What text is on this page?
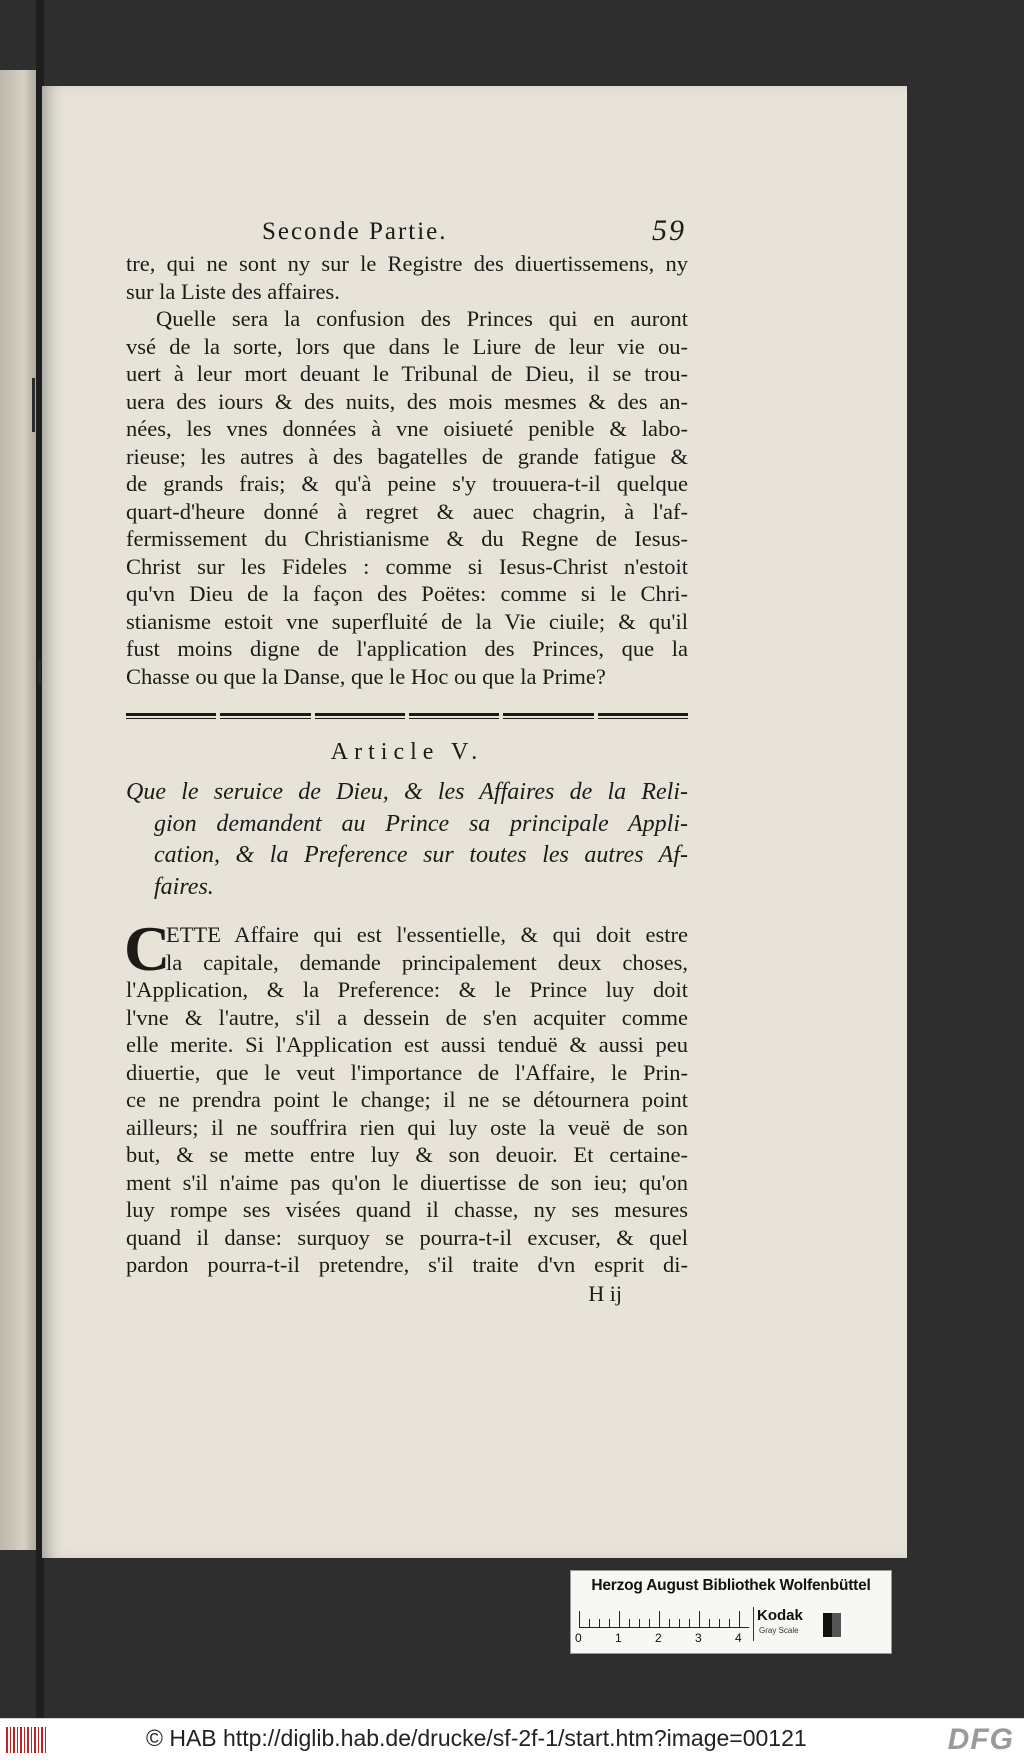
Seconde Partie.	59
tre, qui ne sont ny sur le Registre des diuertissemens, ny
sur la Liste des affaires.
Quelle sera la confusion des Princes qui en auront
vsé de la sorte, lors que dans le Liure de leur vie ou-
uert à leur mort deuant le Tribunal de Dieu, il se trou-
uera des iours & des nuits, des mois mesmes & des an-
nées, les vnes données à vne oisiueté penible & labo-
rieuse; les autres à des bagatelles de grande fatigue &
de grands frais; & qu'à peine s'y trouuera-t-il quelque
quart-d'heure donné à regret & auec chagrin, à l'af-
fermissement du Christianisme & du Regne de Iesus-
Christ sur les Fideles : comme si Iesus-Christ n'estoit
qu'vn Dieu de la façon des Poëtes: comme si le Chri-
stianisme estoit vne superfluité de la Vie ciuile; & qu'il
fust moins digne de l'application des Princes, que la
Chasse ou que la Danse, que le Hoc ou que la Prime?
Article V.
Que le seruice de Dieu, & les Affaires de la Reli-
gion demandent au Prince sa principale Appli-
cation, & la Preference sur toutes les autres Af-
faires.
C
ETTE Affaire qui est l'essentielle, & qui doit estre
la capitale, demande principalement deux choses,
l'Application, & la Preference: & le Prince luy doit
l'vne & l'autre, s'il a dessein de s'en acquiter comme
elle merite. Si l'Application est aussi tenduë & aussi peu
diuertie, que le veut l'importance de l'Affaire, le Prin-
ce ne prendra point le change; il ne se détournera point
ailleurs; il ne souffrira rien qui luy oste la veuë de son
but, & se mette entre luy & son deuoir. Et certaine-
ment s'il n'aime pas qu'on le diuertisse de son ieu; qu'on
luy rompe ses visées quand il chasse, ny ses mesures
quand il danse: surquoy se pourra-t-il excuser, & quel
pardon pourra-t-il pretendre, s'il traite d'vn esprit di-
H ij
Herzog August Bibliothek Wolfenbüttel
0	1	2	3	4
Kodak
Gray Scale
© HAB http://diglib.hab.de/drucke/sf-2f-1/start.htm?image=00121	DFG
